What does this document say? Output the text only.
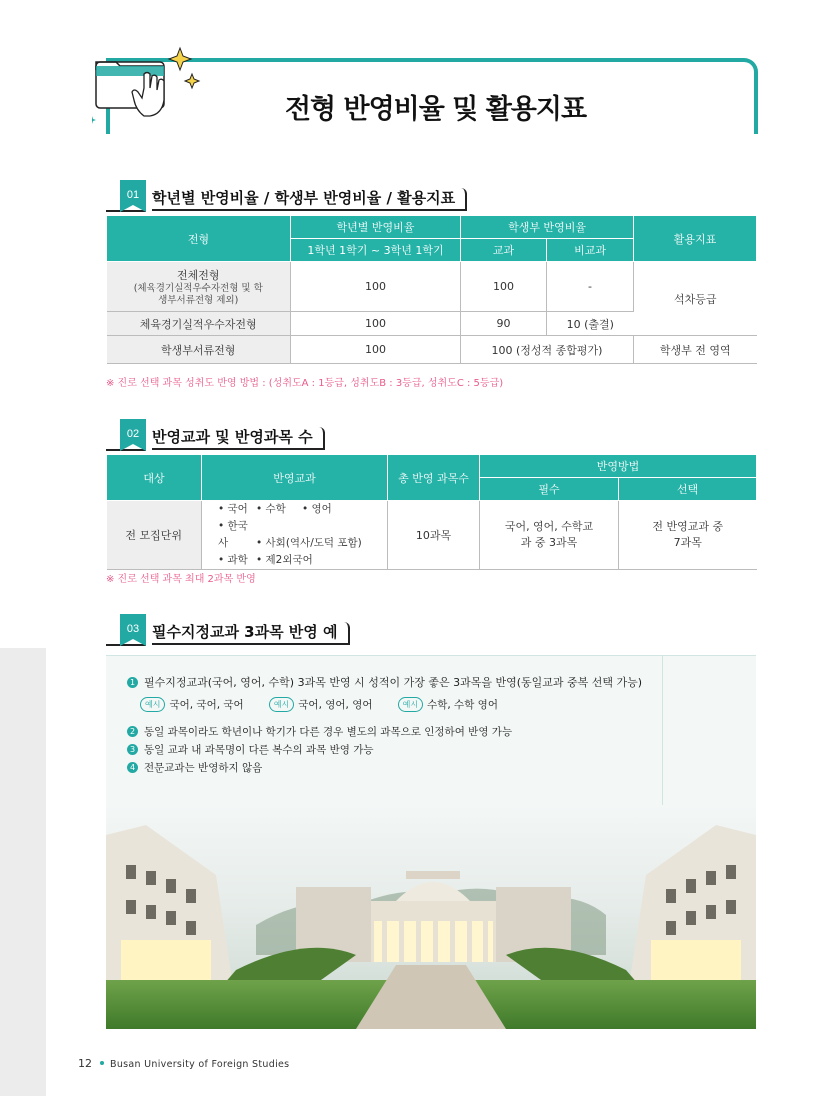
전형 반영비율 및 활용지표
01 학년별 반영비율 / 학생부 반영비율 / 활용지표
전형	학년별 반영비율	학생부 반영비율		활용지표
	1학년 1학기 ~ 3학년 1학기	교과	비교과	

전체전형
(체육경기실적우수자전형 및 학생부서류전형 제외)	100	100	-	석차등급
체육경기실적우수자전형	100	90	10 (출결)	
학생부서류전형	100	100 (정성적 종합평가)		학생부 전 영역
※ 진로 선택 과목 성취도 반영 방법 : (성취도A : 1등급, 성취도B : 3등급, 성취도C : 5등급)
02 반영교과 및 반영과목 수
대상	반영교과	총 반영 과목수	반영방법	
			필수	선택
전 모집단위	• 국어 • 수학 • 영어
• 한국사 • 사회(역사/도덕 포함)
• 과학 • 제2외국어	10과목	국어, 영어, 수학교과 중 3과목	전 반영교과 중 7과목
※ 진로 선택 과목 최대 2과목 반영
03 필수지정교과 3과목 반영 예
1 필수지정교과(국어, 영어, 수학) 3과목 반영 시 성적이 가장 좋은 3과목을 반영(동일교과 중복 선택 가능)
예시 국어, 국어, 국어	예시 국어, 영어, 영어	예시 수학, 수학 영어
2 동일 과목이라도 학년이나 학기가 다른 경우 별도의 과목으로 인정하여 반영 가능
3 동일 교과 내 과목명이 다른 복수의 과목 반영 가능
4 전문교과는 반영하지 않음
12 Busan University of Foreign Studies
